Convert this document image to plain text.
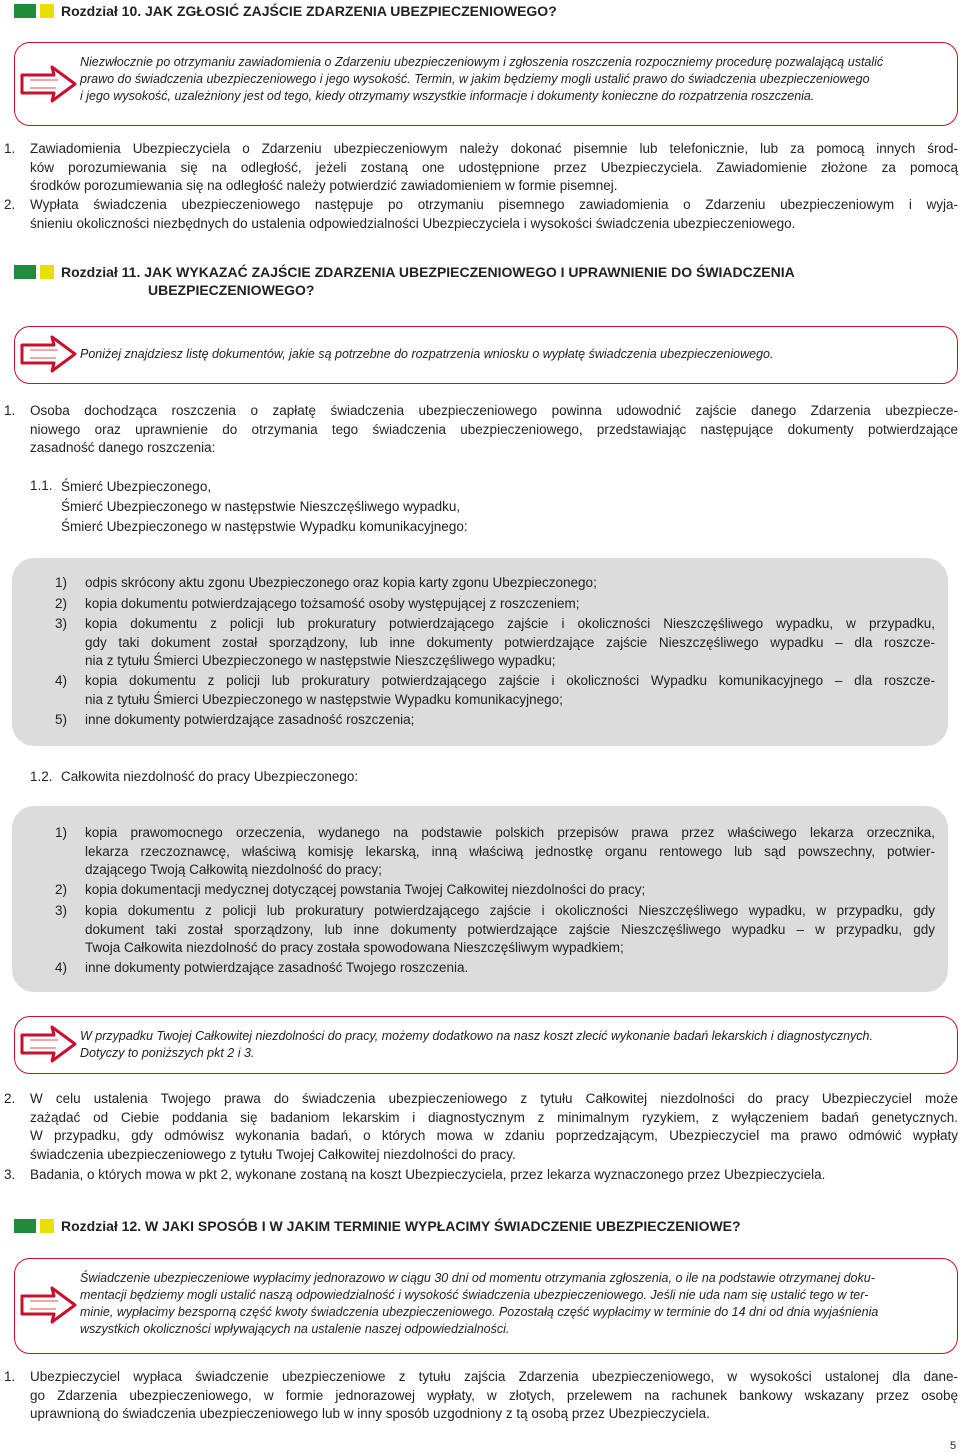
Rozdział 10. JAK ZGŁOSIĆ ZAJŚCIE ZDARZENIA UBEZPIECZENIOWEGO?
Niezwłocznie po otrzymaniu zawiadomienia o Zdarzeniu ubezpieczeniowym i zgłoszenia roszczenia rozpoczniemy procedurę pozwalającą ustalić
prawo do świadczenia ubezpieczeniowego i jego wysokość. Termin, w jakim będziemy mogli ustalić prawo do świadczenia ubezpieczeniowego
i jego wysokość, uzależniony jest od tego, kiedy otrzymamy wszystkie informacje i dokumenty konieczne do rozpatrzenia roszczenia.
1. Zawiadomienia Ubezpieczyciela o Zdarzeniu ubezpieczeniowym należy dokonać pisemnie lub telefonicznie, lub za pomocą innych środ-
ków porozumiewania się na odległość, jeżeli zostaną one udostępnione przez Ubezpieczyciela. Zawiadomienie złożone za pomocą
środków porozumiewania się na odległość należy potwierdzić zawiadomieniem w formie pisemnej.
2. Wypłata świadczenia ubezpieczeniowego następuje po otrzymaniu pisemnego zawiadomienia o Zdarzeniu ubezpieczeniowym i wyja-
śnieniu okoliczności niezbędnych do ustalenia odpowiedzialności Ubezpieczyciela i wysokości świadczenia ubezpieczeniowego.
Rozdział 11. JAK WYKAZAĆ ZAJŚCIE ZDARZENIA UBEZPIECZENIOWEGO I UPRAWNIENIE DO ŚWIADCZENIA
UBEZPIECZENIOWEGO?
Poniżej znajdziesz listę dokumentów, jakie są potrzebne do rozpatrzenia wniosku o wypłatę świadczenia ubezpieczeniowego.
1. Osoba dochodząca roszczenia o zapłatę świadczenia ubezpieczeniowego powinna udowodnić zajście danego Zdarzenia ubezpiecze-
niowego oraz uprawnienie do otrzymania tego świadczenia ubezpieczeniowego, przedstawiając następujące dokumenty potwierdzające
zasadność danego roszczenia:
1.1. Śmierć Ubezpieczonego,
Śmierć Ubezpieczonego w następstwie Nieszczęśliwego wypadku,
Śmierć Ubezpieczonego w następstwie Wypadku komunikacyjnego:
1) odpis skrócony aktu zgonu Ubezpieczonego oraz kopia karty zgonu Ubezpieczonego;
2) kopia dokumentu potwierdzającego tożsamość osoby występującej z roszczeniem;
3) kopia dokumentu z policji lub prokuratury potwierdzającego zajście i okoliczności Nieszczęśliwego wypadku, w przypadku,
gdy taki dokument został sporządzony, lub inne dokumenty potwierdzające zajście Nieszczęśliwego wypadku – dla roszcze-
nia z tytułu Śmierci Ubezpieczonego w następstwie Nieszczęśliwego wypadku;
4) kopia dokumentu z policji lub prokuratury potwierdzającego zajście i okoliczności Wypadku komunikacyjnego – dla roszcze-
nia z tytułu Śmierci Ubezpieczonego w następstwie Wypadku komunikacyjnego;
5) inne dokumenty potwierdzające zasadność roszczenia;
1.2. Całkowita niezdolność do pracy Ubezpieczonego:
1) kopia prawomocnego orzeczenia, wydanego na podstawie polskich przepisów prawa przez właściwego lekarza orzecznika,
lekarza rzeczoznawcę, właściwą komisję lekarską, inną właściwą jednostkę organu rentowego lub sąd powszechny, potwier-
dzającego Twoją Całkowitą niezdolność do pracy;
2) kopia dokumentacji medycznej dotyczącej powstania Twojej Całkowitej niezdolności do pracy;
3) kopia dokumentu z policji lub prokuratury potwierdzającego zajście i okoliczności Nieszczęśliwego wypadku, w przypadku, gdy
dokument taki został sporządzony, lub inne dokumenty potwierdzające zajście Nieszczęśliwego wypadku – w przypadku, gdy
Twoja Całkowita niezdolność do pracy została spowodowana Nieszczęśliwym wypadkiem;
4) inne dokumenty potwierdzające zasadność Twojego roszczenia.
W przypadku Twojej Całkowitej niezdolności do pracy, możemy dodatkowo na nasz koszt zlecić wykonanie badań lekarskich i diagnostycznych.
Dotyczy to poniższych pkt 2 i 3.
2. W celu ustalenia Twojego prawa do świadczenia ubezpieczeniowego z tytułu Całkowitej niezdolności do pracy Ubezpieczyciel może
zażądać od Ciebie poddania się badaniom lekarskim i diagnostycznym z minimalnym ryzykiem, z wyłączeniem badań genetycznych.
W przypadku, gdy odmówisz wykonania badań, o których mowa w zdaniu poprzedzającym, Ubezpieczyciel ma prawo odmówić wypłaty
świadczenia ubezpieczeniowego z tytułu Twojej Całkowitej niezdolności do pracy.
3. Badania, o których mowa w pkt 2, wykonane zostaną na koszt Ubezpieczyciela, przez lekarza wyznaczonego przez Ubezpieczyciela.
Rozdział 12. W JAKI SPOSÓB I W JAKIM TERMINIE WYPŁACIMY ŚWIADCZENIE UBEZPIECZENIOWE?
Świadczenie ubezpieczeniowe wypłacimy jednorazowo w ciągu 30 dni od momentu otrzymania zgłoszenia, o ile na podstawie otrzymanej doku-
mentacji będziemy mogli ustalić naszą odpowiedzialność i wysokość świadczenia ubezpieczeniowego. Jeśli nie uda nam się ustalić tego w ter-
minie, wypłacimy bezsporną część kwoty świadczenia ubezpieczeniowego. Pozostałą część wypłacimy w terminie do 14 dni od dnia wyjaśnienia
wszystkich okoliczności wpływających na ustalenie naszej odpowiedzialności.
1. Ubezpieczyciel wypłaca świadczenie ubezpieczeniowe z tytułu zajścia Zdarzenia ubezpieczeniowego, w wysokości ustalonej dla dane-
go Zdarzenia ubezpieczeniowego, w formie jednorazowej wypłaty, w złotych, przelewem na rachunek bankowy wskazany przez osobę
uprawnioną do świadczenia ubezpieczeniowego lub w inny sposób uzgodniony z tą osobą przez Ubezpieczyciela.
5
